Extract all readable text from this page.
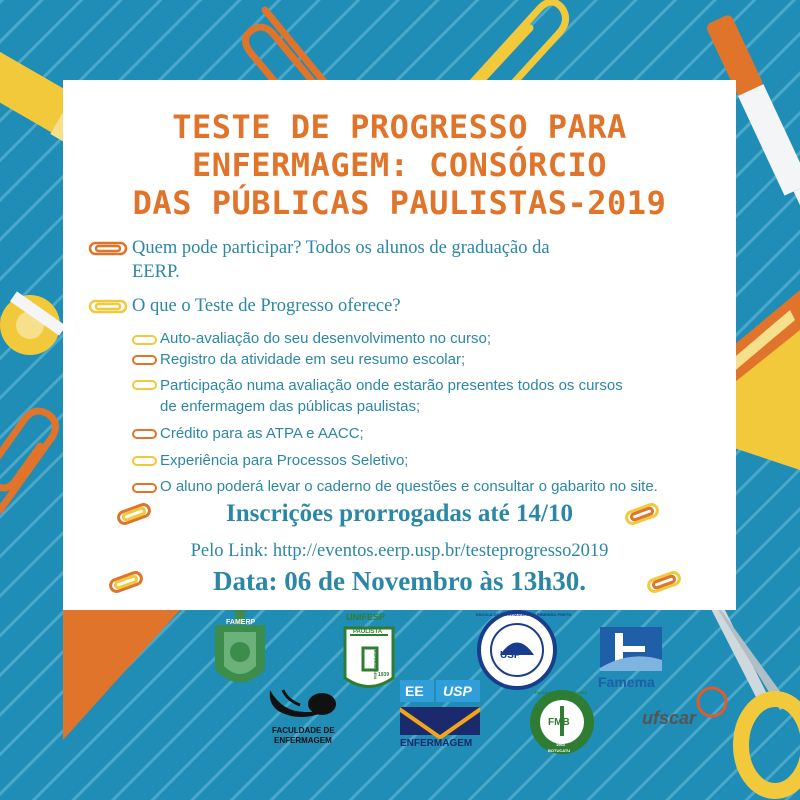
TESTE DE PROGRESSO PARA
ENFERMAGEM: CONSÓRCIO
DAS PÚBLICAS PAULISTAS-2019
Quem pode participar? Todos os alunos de graduação da
EERP.
O que o Teste de Progresso oferece?
Auto-avaliação do seu desenvolvimento no curso;
Registro da atividade em seu resumo escolar;
Participação numa avaliação onde estarão presentes todos os cursos
de enfermagem das públicas paulistas;
Crédito para as ATPA e AACC;
Experiência para Processos Seletivo;
O aluno poderá levar o caderno de questões e consultar o gabarito no site.
Inscrições prorrogadas até 14/10
Pelo Link: http://eventos.eerp.usp.br/testeprogresso2019
Data: 06 de Novembro às 13h30.
FAMERP
UNIFESP
PAULISTA
1939
ENFERMAGEM
FACULDADE DE
ENFERMAGEM
EE USP
ENFERMAGEM
USP
ESCOLA DE ENFERMAGEM DE RIBEIRÃO PRETO
FMB
FACULDADE DE MEDICINA
1963
BOTUCATU
Famema
ufscar
